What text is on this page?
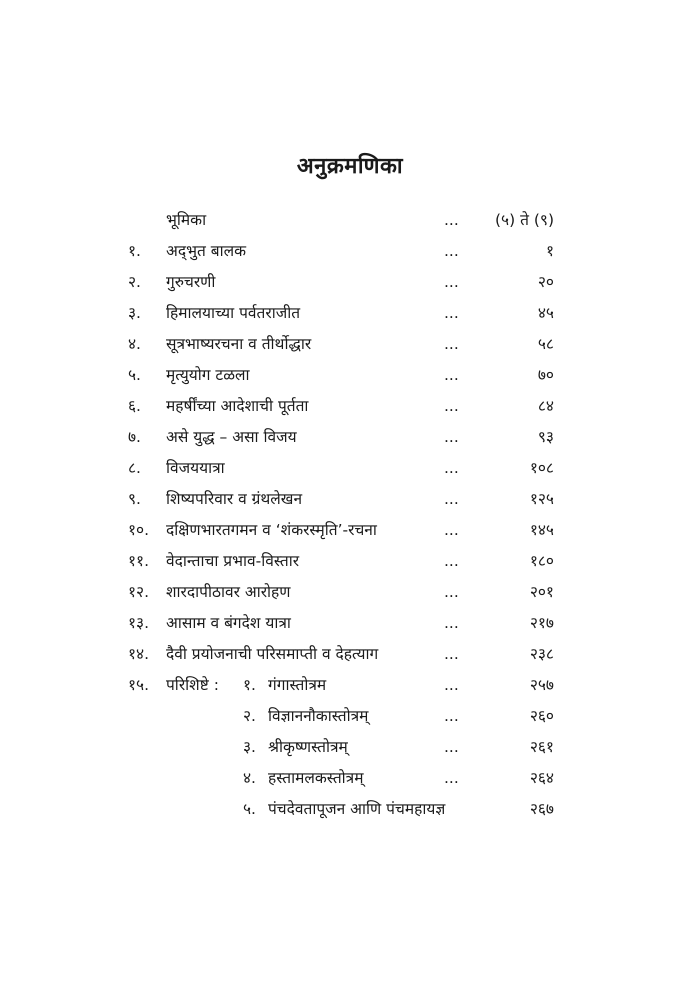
अनुक्रमणिका
भूमिका	... (५) ते (९)
१. अद्‌भुत बालक	...	१
२. गुरुचरणी	...	२०
३. हिमालयाच्या पर्वतराजीत	...	४५
४. सूत्रभाष्यरचना व तीर्थोद्धार	...	५८
५. मृत्युयोग टळला	...	७०
६. महर्षींच्या आदेशाची पूर्तता	...	८४
७. असे युद्ध – असा विजय	...	९३
८. विजययात्रा	...	१०८
९. शिष्यपरिवार व ग्रंथलेखन	...	१२५
१०. दक्षिणभारतगमन व ‘शंकरस्मृति’-रचना	...	१४५
११. वेदान्ताचा प्रभाव-विस्तार	...	१८०
१२. शारदापीठावर आरोहण	...	२०१
१३. आसाम व बंगदेश यात्रा	...	२१७
१४. दैवी प्रयोजनाची परिसमाप्ती व देहत्याग	...	२३८
१५. परिशिष्टे : १. गंगास्तोत्रम	...	२५७
२. विज्ञाननौकास्तोत्रम्	...	२६०
३. श्रीकृष्णस्तोत्रम्	...	२६१
४. हस्तामलकस्तोत्रम्	...	२६४
५. पंचदेवतापूजन आणि पंचमहायज्ञ	२६७
